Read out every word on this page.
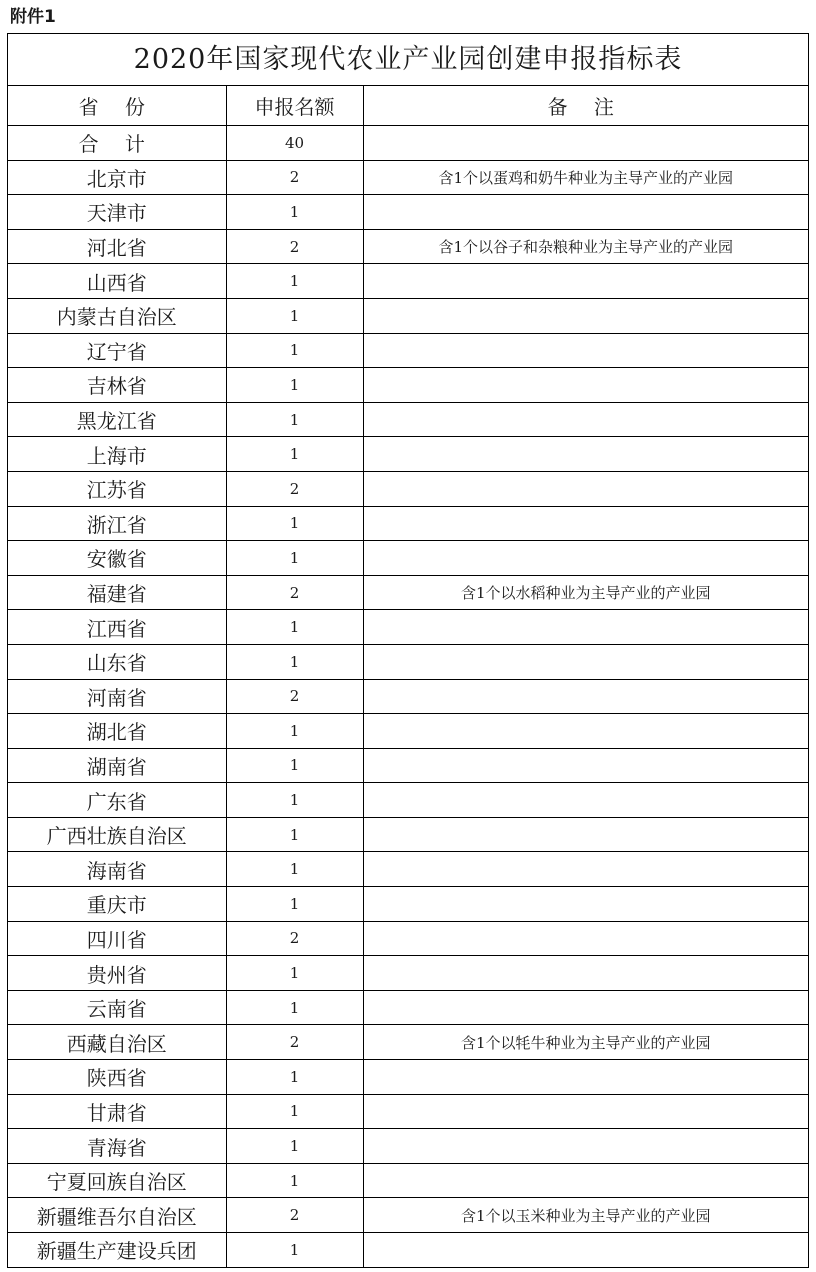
附件1
2020年国家现代农业产业园创建申报指标表
省 份	申报名额	备 注
合 计	40	
北京市	2	含1个以蛋鸡和奶牛种业为主导产业的产业园
天津市	1	
河北省	2	含1个以谷子和杂粮种业为主导产业的产业园
山西省	1	
内蒙古自治区	1	
辽宁省	1	
吉林省	1	
黑龙江省	1	
上海市	1	
江苏省	2	
浙江省	1	
安徽省	1	
福建省	2	含1个以水稻种业为主导产业的产业园
江西省	1	
山东省	1	
河南省	2	
湖北省	1	
湖南省	1	
广东省	1	
广西壮族自治区	1	
海南省	1	
重庆市	1	
四川省	2	
贵州省	1	
云南省	1	
西藏自治区	2	含1个以牦牛种业为主导产业的产业园
陕西省	1	
甘肃省	1	
青海省	1	
宁夏回族自治区	1	
新疆维吾尔自治区	2	含1个以玉米种业为主导产业的产业园
新疆生产建设兵团	1	
